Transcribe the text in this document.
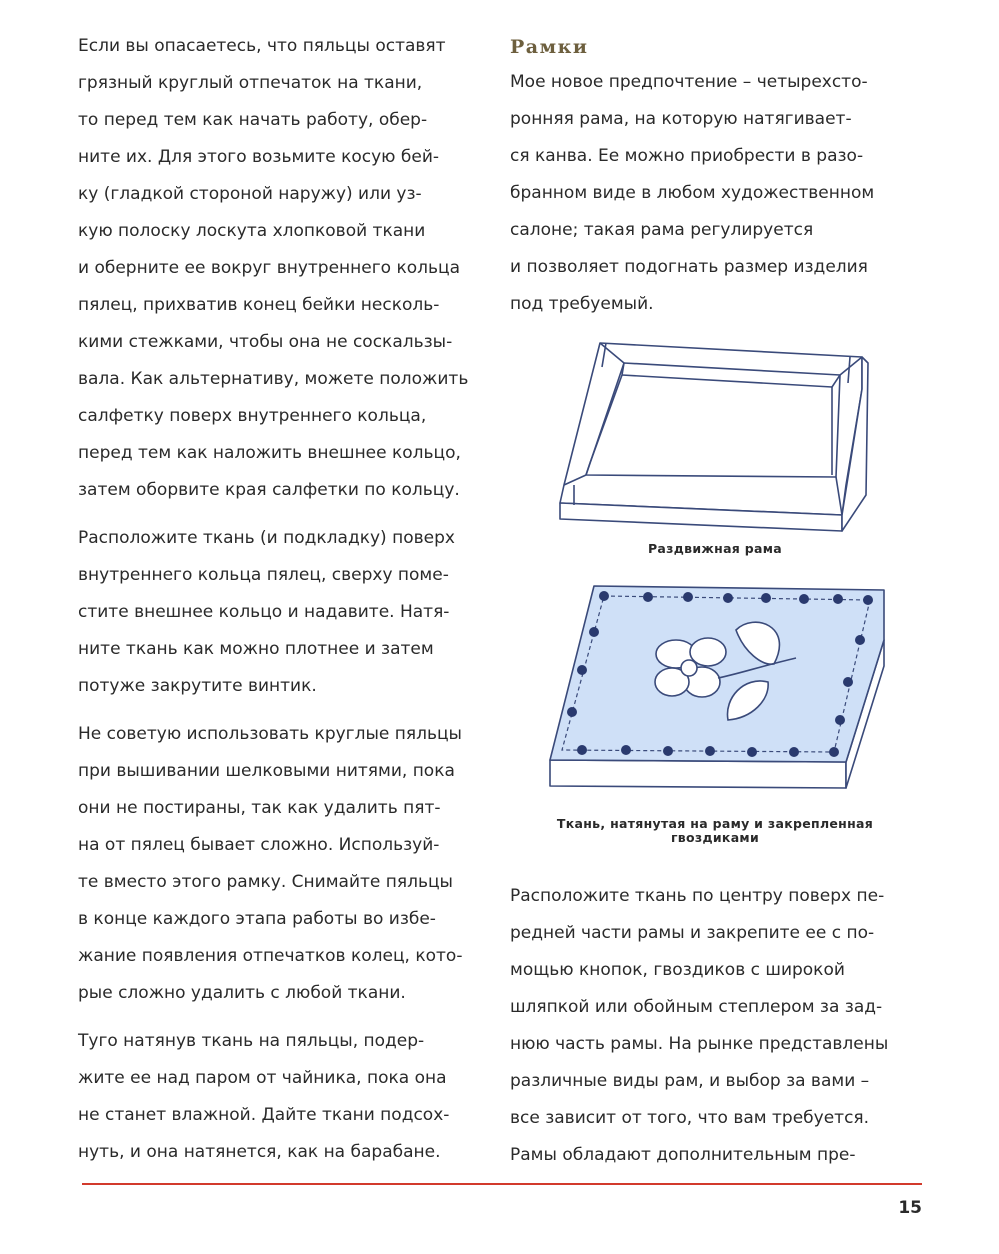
Если вы опасаетесь, что пяльцы оставят
грязный круглый отпечаток на ткани,
то перед тем как начать работу, обер-
ните их. Для этого возьмите косую бей-
ку (гладкой стороной наружу) или уз-
кую полоску лоскута хлопковой ткани
и оберните ее вокруг внутреннего кольца
пялец, прихватив конец бейки несколь-
кими стежками, чтобы она не соскальзы-
вала. Как альтернативу, можете положить
салфетку поверх внутреннего кольца,
перед тем как наложить внешнее кольцо,
затем оборвите края салфетки по кольцу.

Расположите ткань (и подкладку) поверх
внутреннего кольца пялец, сверху поме-
стите внешнее кольцо и надавите. Натя-
ните ткань как можно плотнее и затем
потуже закрутите винтик.

Не советую использовать круглые пяльцы
при вышивании шелковыми нитями, пока
они не постираны, так как удалить пят-
на от пялец бывает сложно. Используй-
те вместо этого рамку. Снимайте пяльцы
в конце каждого этапа работы во избе-
жание появления отпечатков колец, кото-
рые сложно удалить с любой ткани.

Туго натянув ткань на пяльцы, подер-
жите ее над паром от чайника, пока она
не станет влажной. Дайте ткани подсох-
нуть, и она натянется, как на барабане.

Рамки

Мое новое предпочтение – четырехсто-
ронняя рама, на которую натягивает-
ся канва. Ее можно приобрести в разо-
бранном виде в любом художественном
салоне; такая рама регулируется
и позволяет подогнать размер изделия
под требуемый.

Расположите ткань по центру поверх пе-
редней части рамы и закрепите ее с по-
мощью кнопок, гвоздиков с широкой
шляпкой или обойным степлером за зад-
нюю часть рамы. На рынке представлены
различные виды рам, и выбор за вами –
все зависит от того, что вам требуется.
Рамы обладают дополнительным пре-

Раздвижная рама
Ткань, натянутая на раму и закрепленная
гвоздиками
15
